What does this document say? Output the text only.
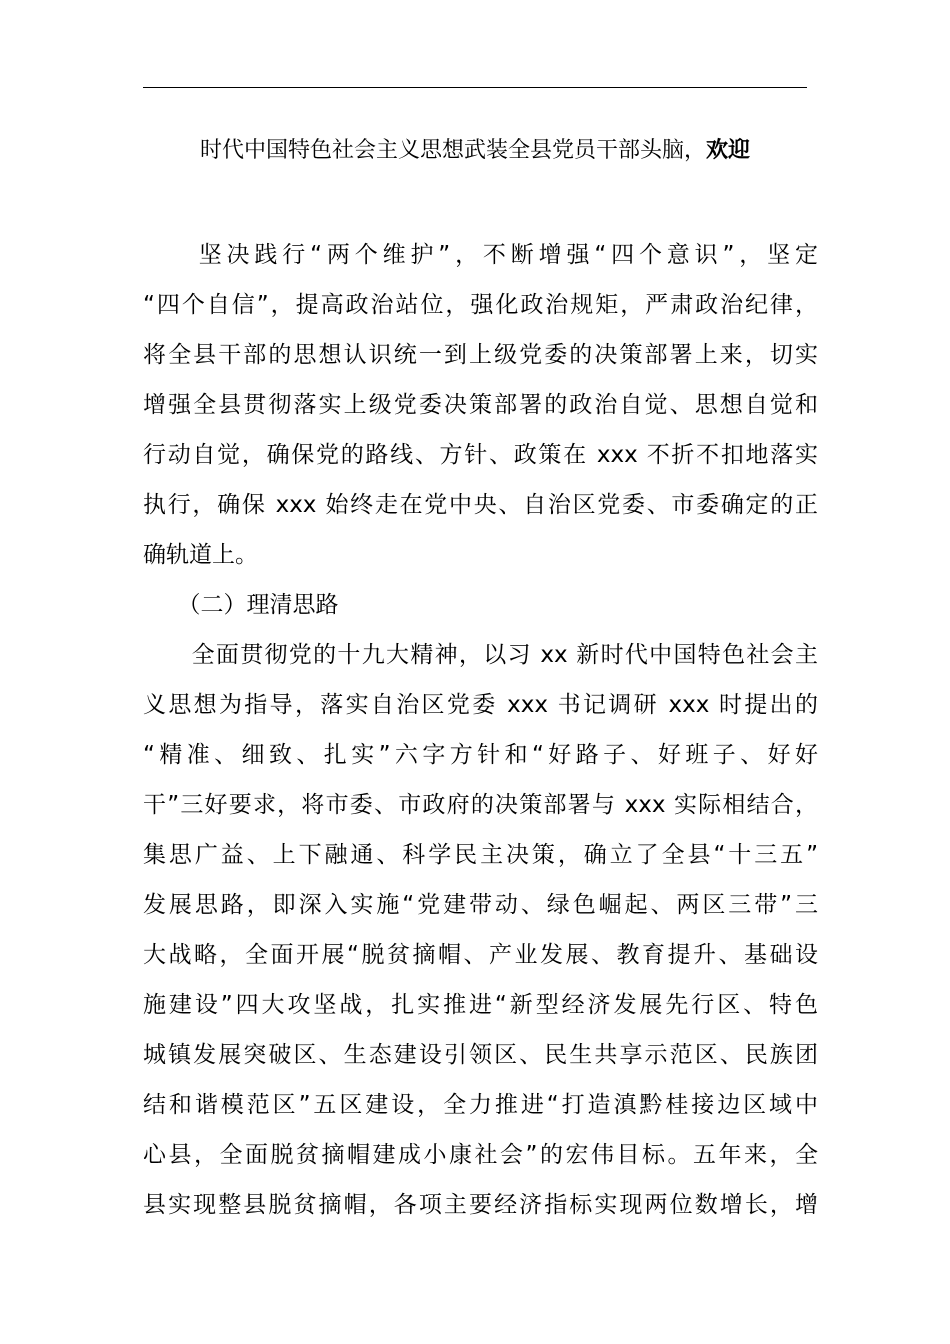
时代中国特色社会主义思想武装全县党员干部头脑，欢迎
　　坚决践行“两个维护”，不断增强“四个意识”，坚定
“四个自信”，提高政治站位，强化政治规矩，严肃政治纪律，
将全县干部的思想认识统一到上级党委的决策部署上来，切实
增强全县贯彻落实上级党委决策部署的政治自觉、思想自觉和
行动自觉，确保党的路线、方针、政策在 xxx 不折不扣地落实
执行，确保 xxx 始终走在党中央、自治区党委、市委确定的正
确轨道上。
　　（二）理清思路
　　全面贯彻党的十九大精神，以习 xx 新时代中国特色社会主
义思想为指导，落实自治区党委 xxx 书记调研 xxx 时提出的
“精准、细致、扎实”六字方针和“好路子、好班子、好好
干”三好要求，将市委、市政府的决策部署与 xxx 实际相结合，
集思广益、上下融通、科学民主决策，确立了全县“十三五”
发展思路，即深入实施“党建带动、绿色崛起、两区三带”三
大战略，全面开展“脱贫摘帽、产业发展、教育提升、基础设
施建设”四大攻坚战，扎实推进“新型经济发展先行区、特色
城镇发展突破区、生态建设引领区、民生共享示范区、民族团
结和谐模范区”五区建设，全力推进“打造滇黔桂接边区域中
心县，全面脱贫摘帽建成小康社会”的宏伟目标。五年来，全
县实现整县脱贫摘帽，各项主要经济指标实现两位数增长，增
